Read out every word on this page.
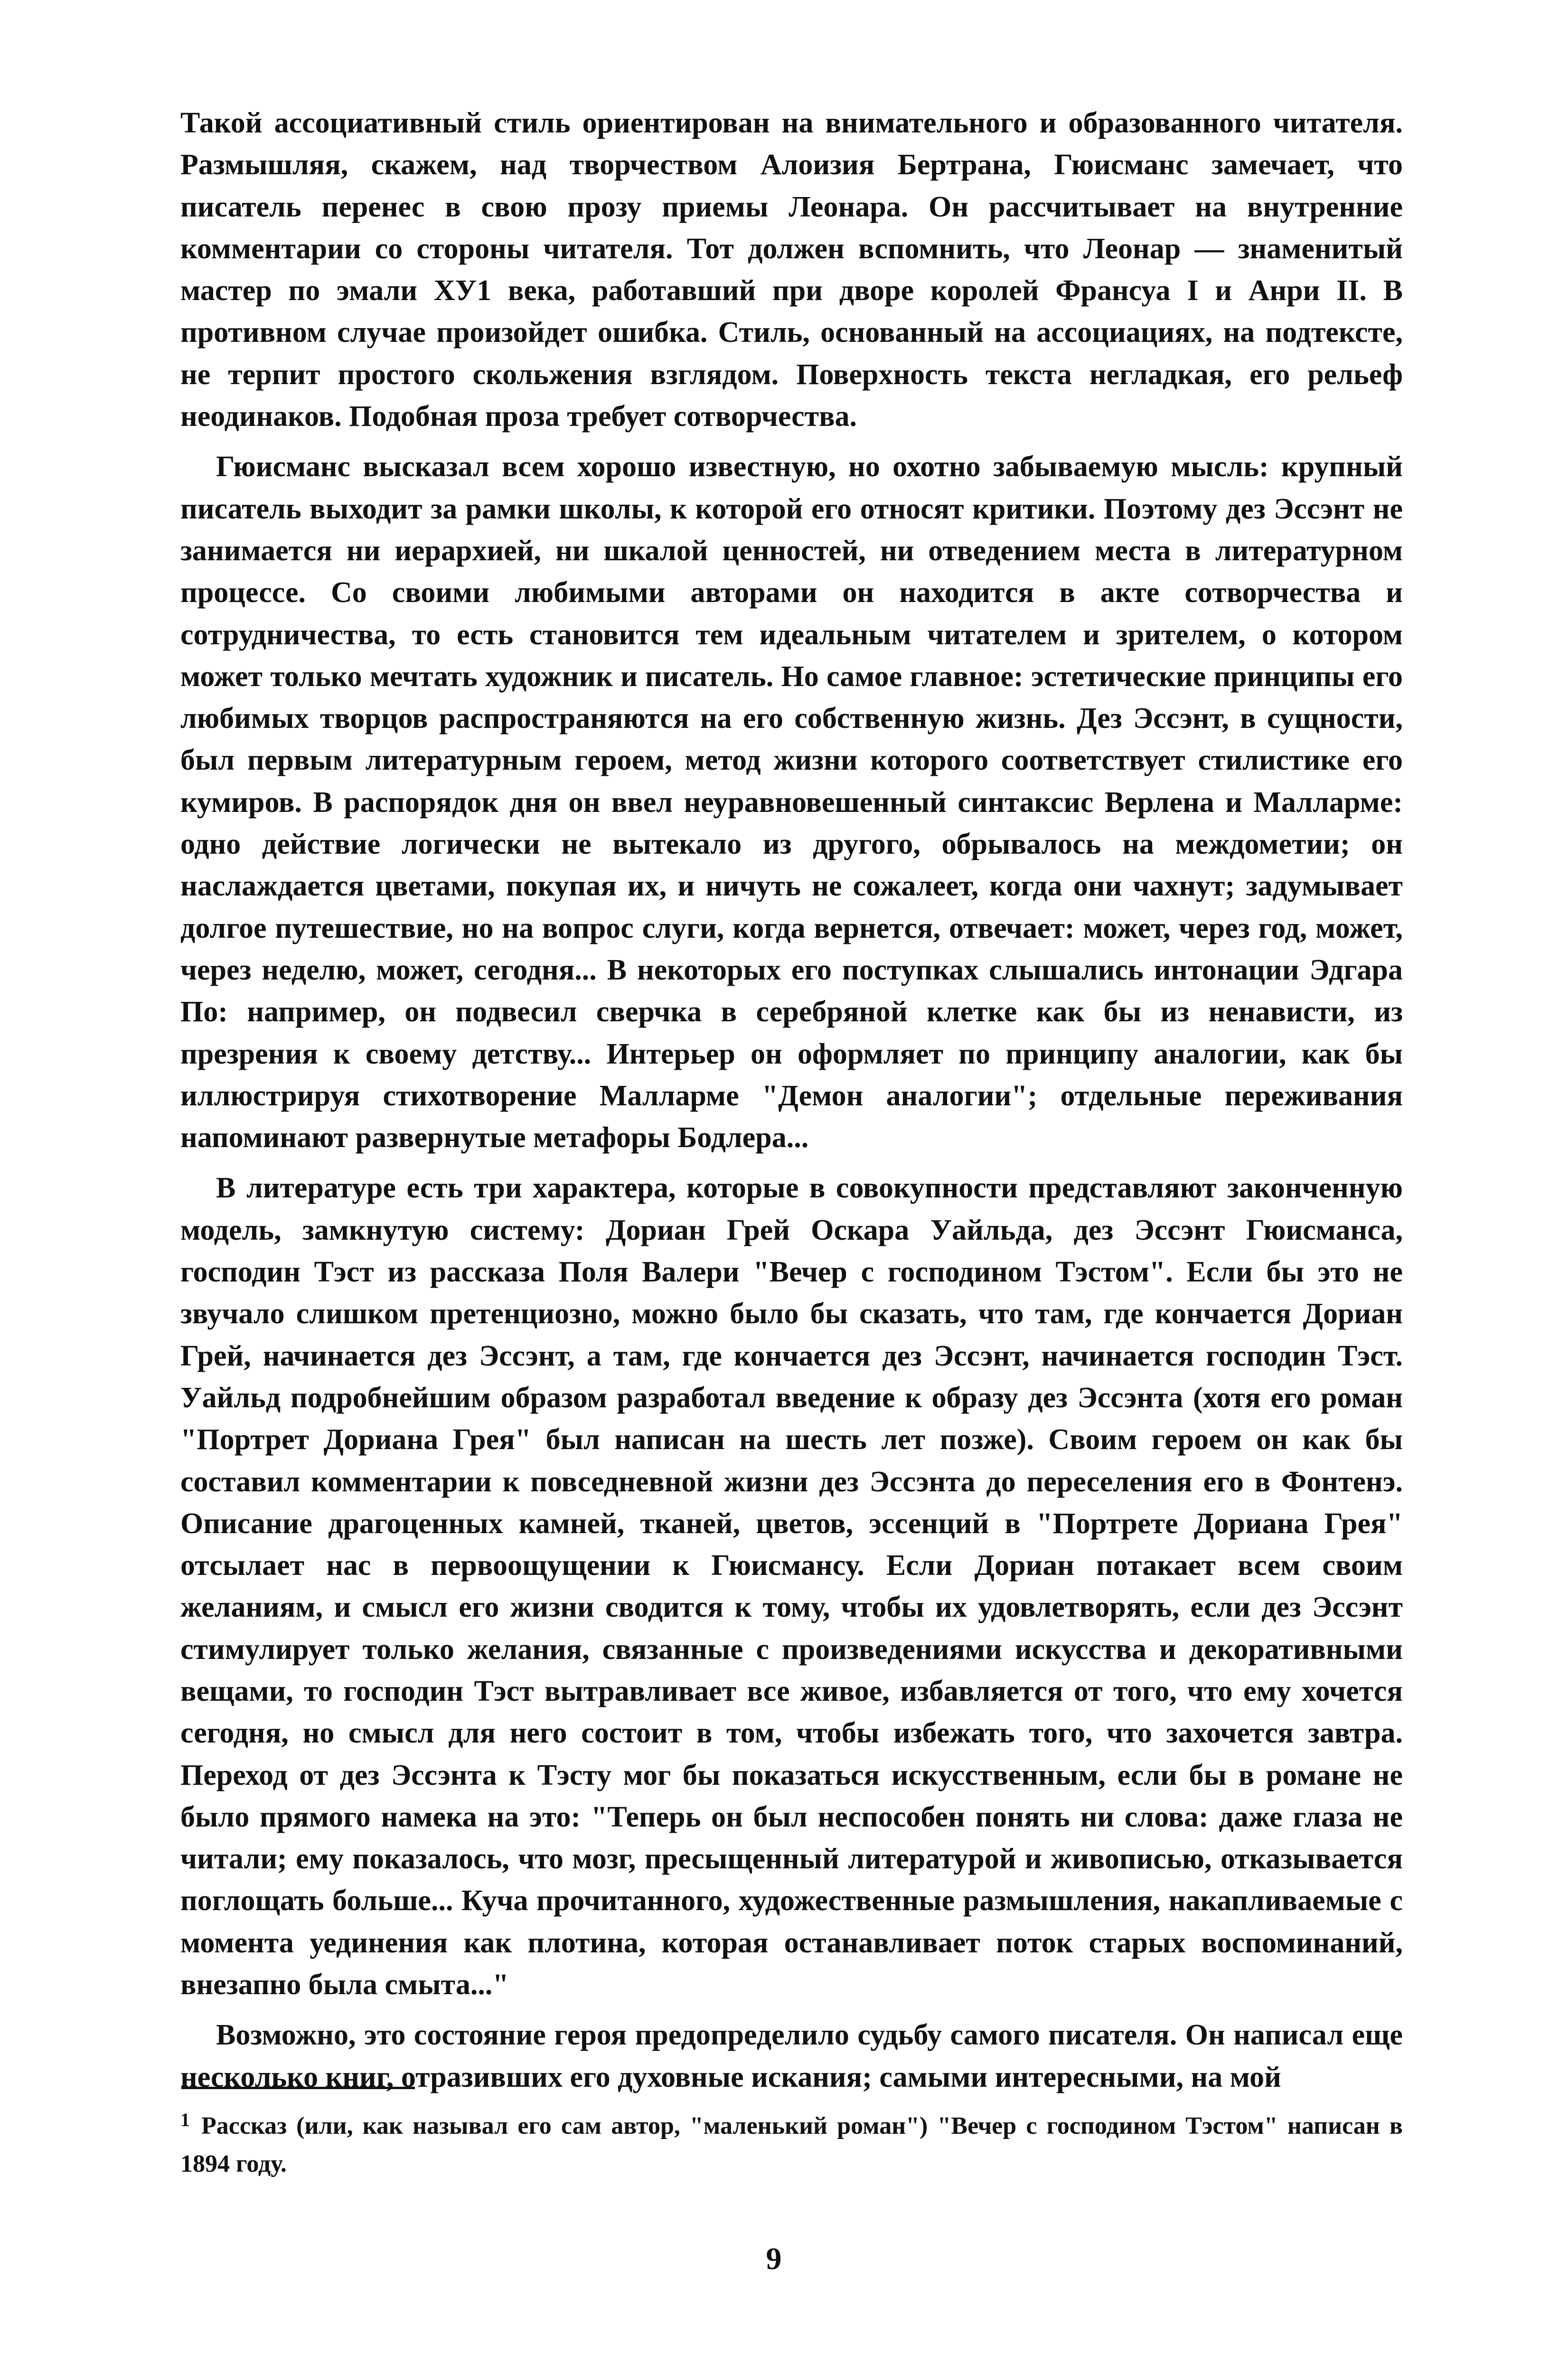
Такой ассоциативный стиль ориентирован на внимательного и образованного читателя. Размышляя, скажем, над творчеством Алоизия Бертрана, Гюисманс замечает, что писатель перенес в свою прозу приемы Леонара. Он рассчитывает на внутренние комментарии со стороны читателя. Тот должен вспомнить, что Леонар — знаменитый мастер по эмали ХУ1 века, работавший при дворе королей Франсуа I и Анри II. В противном случае произойдет ошибка. Стиль, основанный на ассоциациях, на подтексте, не терпит простого скольжения взглядом. Поверхность текста негладкая, его рельеф неодинаков. Подобная проза требует сотворчества.

Гюисманс высказал всем хорошо известную, но охотно забываемую мысль: крупный писатель выходит за рамки школы, к которой его относят критики. Поэтому дез Эссэнт не занимается ни иерархией, ни шкалой ценностей, ни отведением места в литературном процессе. Со своими любимыми авторами он находится в акте сотворчества и сотрудничества, то есть становится тем идеальным читателем и зрителем, о котором может только мечтать художник и писатель. Но самое главное: эстетические принципы его любимых творцов распространяются на его собственную жизнь. Дез Эссэнт, в сущности, был первым литературным героем, метод жизни которого соответствует стилистике его кумиров. В распорядок дня он ввел неуравновешенный синтаксис Верлена и Малларме: одно действие логически не вытекало из другого, обрывалось на междометии; он наслаждается цветами, покупая их, и ничуть не сожалеет, когда они чахнут; задумывает долгое путешествие, но на вопрос слуги, когда вернется, отвечает: может, через год, может, через неделю, может, сегодня... В некоторых его поступках слышались интонации Эдгара По: например, он подвесил сверчка в серебряной клетке как бы из ненависти, из презрения к своему детству... Интерьер он оформляет по принципу аналогии, как бы иллюстрируя стихотворение Малларме "Демон аналогии"; отдельные переживания напоминают развернутые метафоры Бодлера...

В литературе есть три характера, которые в совокупности представляют законченную модель, замкнутую систему: Дориан Грей Оскара Уайльда, дез Эссэнт Гюисманса, господин Тэст из рассказа Поля Валери "Вечер с господином Тэстом". Если бы это не звучало слишком претенциозно, можно было бы сказать, что там, где кончается Дориан Грей, начинается дез Эссэнт, а там, где кончается дез Эссэнт, начинается господин Тэст. Уайльд подробнейшим образом разработал введение к образу дез Эссэнта (хотя его роман "Портрет Дориана Грея" был написан на шесть лет позже). Своим героем он как бы составил комментарии к повседневной жизни дез Эссэнта до переселения его в Фонтенэ. Описание драгоценных камней, тканей, цветов, эссенций в "Портрете Дориана Грея" отсылает нас в первоощущении к Гюисмансу. Если Дориан потакает всем своим желаниям, и смысл его жизни сводится к тому, чтобы их удовлетворять, если дез Эссэнт стимулирует только желания, связанные с произведениями искусства и декоративными вещами, то господин Тэст вытравливает все живое, избавляется от того, что ему хочется сегодня, но смысл для него состоит в том, чтобы избежать того, что захочется завтра. Переход от дез Эссэнта к Тэсту мог бы показаться искусственным, если бы в романе не было прямого намека на это: "Теперь он был неспособен понять ни слова: даже глаза не читали; ему показалось, что мозг, пресыщенный литературой и живописью, отказывается поглощать больше... Куча прочитанного, художественные размышления, накапливаемые с момента уединения как плотина, которая останавливает поток старых воспоминаний, внезапно была смыта..."

Возможно, это состояние героя предопределило судьбу самого писателя. Он написал еще несколько книг, отразивших его духовные искания; самыми интересными, на мой

$^1$ Рассказ (или, как называл его сам автор, "маленький роман") "Вечер с господином Тэстом" написан в 1894 году.

9
